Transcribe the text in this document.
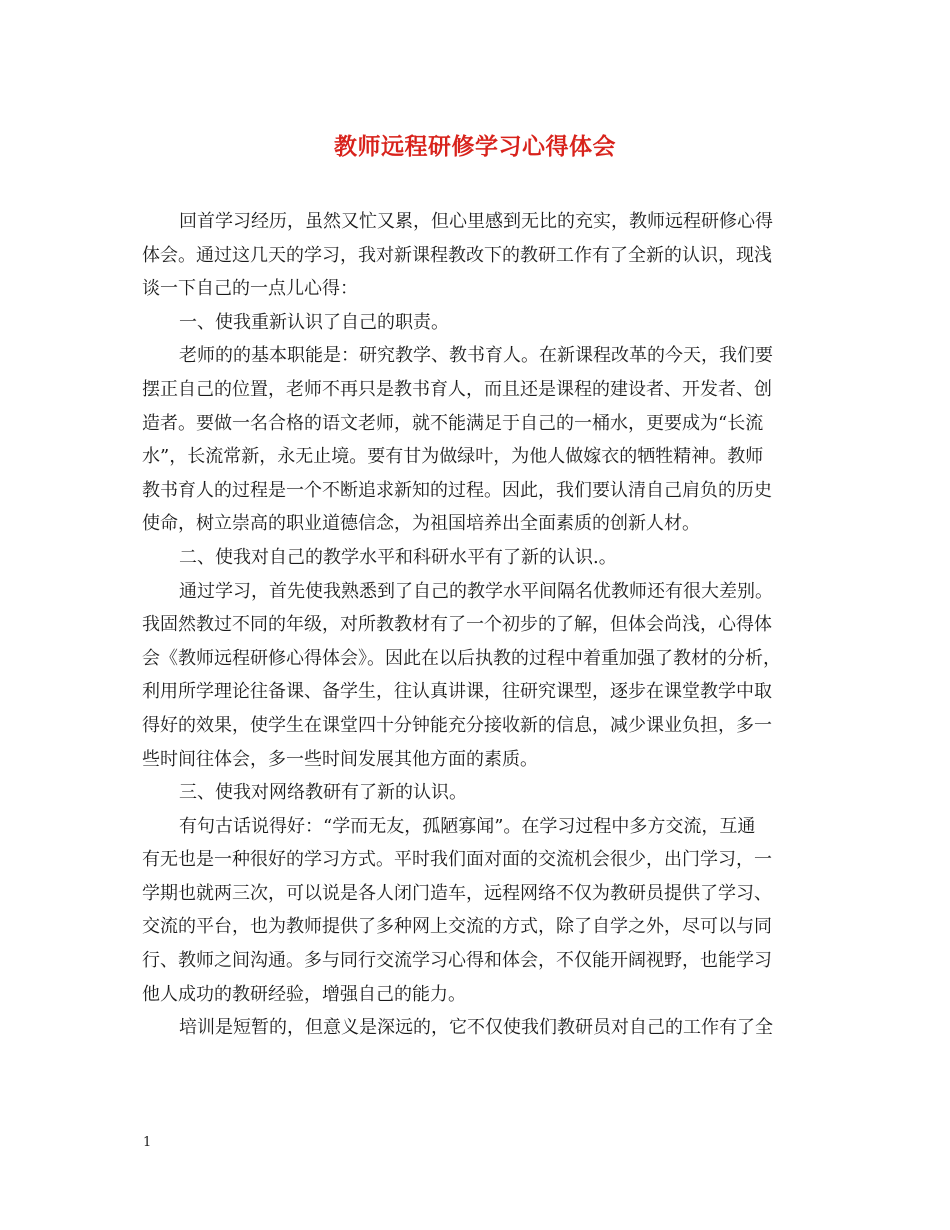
教师远程研修学习心得体会
回首学习经历，虽然又忙又累，但心里感到无比的充实，教师远程研修心得
体会。通过这几天的学习，我对新课程教改下的教研工作有了全新的认识，现浅
谈一下自己的一点儿心得：
一、使我重新认识了自己的职责。
老师的的基本职能是：研究教学、教书育人。在新课程改革的今天，我们要
摆正自己的位置，老师不再只是教书育人，而且还是课程的建设者、开发者、创
造者。要做一名合格的语文老师，就不能满足于自己的一桶水，更要成为“长流
水”，长流常新，永无止境。要有甘为做绿叶，为他人做嫁衣的牺牲精神。教师
教书育人的过程是一个不断追求新知的过程。因此，我们要认清自己肩负的历史
使命，树立崇高的职业道德信念，为祖国培养出全面素质的创新人材。
二、使我对自己的教学水平和科研水平有了新的认识.。
通过学习，首先使我熟悉到了自己的教学水平间隔名优教师还有很大差别。
我固然教过不同的年级，对所教教材有了一个初步的了解，但体会尚浅，心得体
会《教师远程研修心得体会》。因此在以后执教的过程中着重加强了教材的分析，
利用所学理论往备课、备学生，往认真讲课，往研究课型，逐步在课堂教学中取
得好的效果，使学生在课堂四十分钟能充分接收新的信息，减少课业负担，多一
些时间往体会，多一些时间发展其他方面的素质。
三、使我对网络教研有了新的认识。
有句古话说得好：“学而无友，孤陋寡闻”。在学习过程中多方交流，互通
有无也是一种很好的学习方式。平时我们面对面的交流机会很少，出门学习，一
学期也就两三次，可以说是各人闭门造车，远程网络不仅为教研员提供了学习、
交流的平台，也为教师提供了多种网上交流的方式，除了自学之外，尽可以与同
行、教师之间沟通。多与同行交流学习心得和体会，不仅能开阔视野，也能学习
他人成功的教研经验，增强自己的能力。
培训是短暂的，但意义是深远的，它不仅使我们教研员对自己的工作有了全
1
